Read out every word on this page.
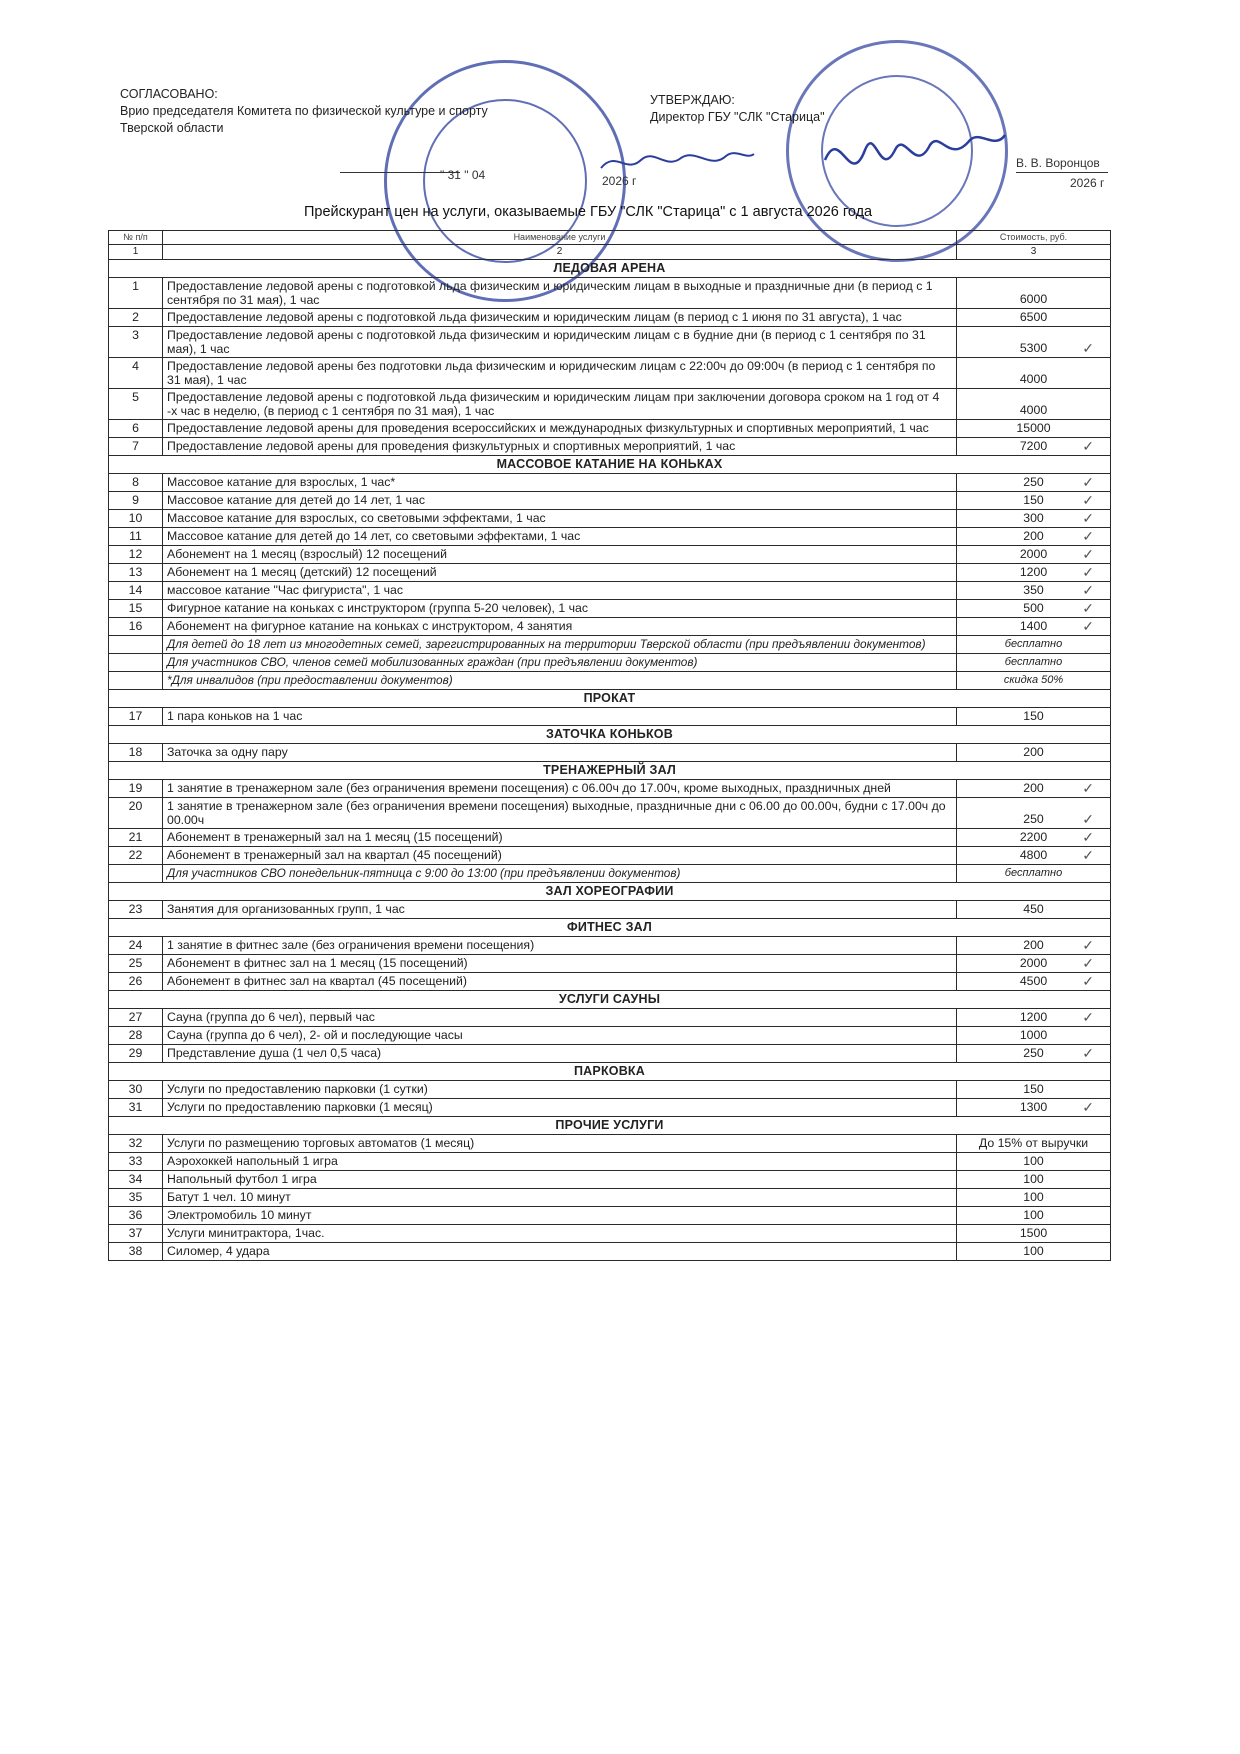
СОГЛАСОВАНО:
Врио председателя Комитета по физической культуре и спорту
Тверской области
" 31 " 04	2026 г
УТВЕРЖДАЮ:
Директор ГБУ "СЛК "Старица"
В. В. Воронцов
2026 г
Прейскурант цен на услуги, оказываемые ГБУ "СЛК "Старица" с 1 августа 2026 года
№ п/п	Наименование услуги	Стоимость, руб.
1	2	3
ЛЕДОВАЯ АРЕНА		
1	Предоставление ледовой арены с подготовкой льда физическим и юридическим лицам в выходные и праздничные дни (в период с 1 сентября по 31 мая), 1 час	6000
2	Предоставление ледовой арены с подготовкой льда физическим и юридическим лицам (в период с 1 июня по 31 августа), 1 час	6500
3	Предоставление ледовой арены с подготовкой льда физическим и юридическим лицам с в будние дни (в период с 1 сентября по 31 мая), 1 час	5300 ✓

4	Предоставление ледовой арены без подготовки льда физическим и юридическим лицам с 22:00ч до 09:00ч (в период с 1 сентября по 31 мая), 1 час	4000
5	Предоставление ледовой арены с подготовкой льда физическим и юридическим лицам при заключении договора сроком на 1 год от 4 -х час в неделю, (в период с 1 сентября по 31 мая), 1 час	4000
6	Предоставление ледовой арены для проведения всероссийских и международных физкультурных и спортивных мероприятий, 1 час	15000
7	Предоставление ледовой арены для проведения физкультурных и спортивных мероприятий, 1 час	7200 ✓

МАССОВОЕ КАТАНИЕ НА КОНЬКАХ		
8	Массовое катание для взрослых, 1 час*	250 ✓

9	Массовое катание для детей до 14 лет, 1 час	150 ✓

10	Массовое катание для взрослых, со световыми эффектами, 1 час	300 ✓

11	Массовое катание для детей до 14 лет, со световыми эффектами, 1 час	200 ✓

12	Абонемент на 1 месяц (взрослый) 12 посещений	2000 ✓

13	Абонемент на 1 месяц (детский) 12 посещений	1200 ✓

14	массовое катание "Час фигуриста", 1 час	350 ✓

15	Фигурное катание на коньках с инструктором (группа 5-20 человек), 1 час	500 ✓

16	Абонемент на фигурное катание на коньках с инструктором, 4 занятия	1400 ✓

	Для детей до 18 лет из многодетных семей, зарегистрированных на территории Тверской области (при предъявлении документов)	бесплатно
	Для участников СВО, членов семей мобилизованных граждан (при предъявлении документов)	бесплатно
	*Для инвалидов (при предоставлении документов)	скидка 50%
ПРОКАТ		
17	1 пара коньков на 1 час	150
ЗАТОЧКА КОНЬКОВ		
18	Заточка за одну пару	200
ТРЕНАЖЕРНЫЙ ЗАЛ		
19	1 занятие в тренажерном зале (без ограничения времени посещения) с 06.00ч до 17.00ч, кроме выходных, праздничных дней	200 ✓

20	1 занятие в тренажерном зале (без ограничения времени посещения) выходные, праздничные дни с 06.00 до 00.00ч, будни с 17.00ч до 00.00ч	250 ✓

21	Абонемент в тренажерный зал на 1 месяц (15 посещений)	2200 ✓

22	Абонемент в тренажерный зал на квартал (45 посещений)	4800 ✓

	Для участников СВО понедельник-пятница с 9:00 до 13:00 (при предъявлении документов)	бесплатно
ЗАЛ ХОРЕОГРАФИИ		
23	Занятия для организованных групп, 1 час	450
ФИТНЕС ЗАЛ		
24	1 занятие в фитнес зале (без ограничения времени посещения)	200 ✓

25	Абонемент в фитнес зал на 1 месяц (15 посещений)	2000 ✓

26	Абонемент в фитнес зал на квартал (45 посещений)	4500 ✓

УСЛУГИ САУНЫ		
27	Сауна (группа до 6 чел), первый час	1200 ✓

28	Сауна (группа до 6 чел), 2- ой и последующие часы	1000
29	Представление душа (1 чел 0,5 часа)	250 ✓

ПАРКОВКА		
30	Услуги по предоставлению парковки (1 сутки)	150
31	Услуги по предоставлению парковки (1 месяц)	1300 ✓

ПРОЧИЕ УСЛУГИ		
32	Услуги по размещению торговых автоматов (1 месяц)	До 15% от выручки
33	Аэрохоккей напольный 1 игра	100
34	Напольный футбол 1 игра	100
35	Батут 1 чел. 10 минут	100
36	Электромобиль 10 минут	100
37	Услуги минитрактора, 1час.	1500
38	Силомер, 4 удара	100
